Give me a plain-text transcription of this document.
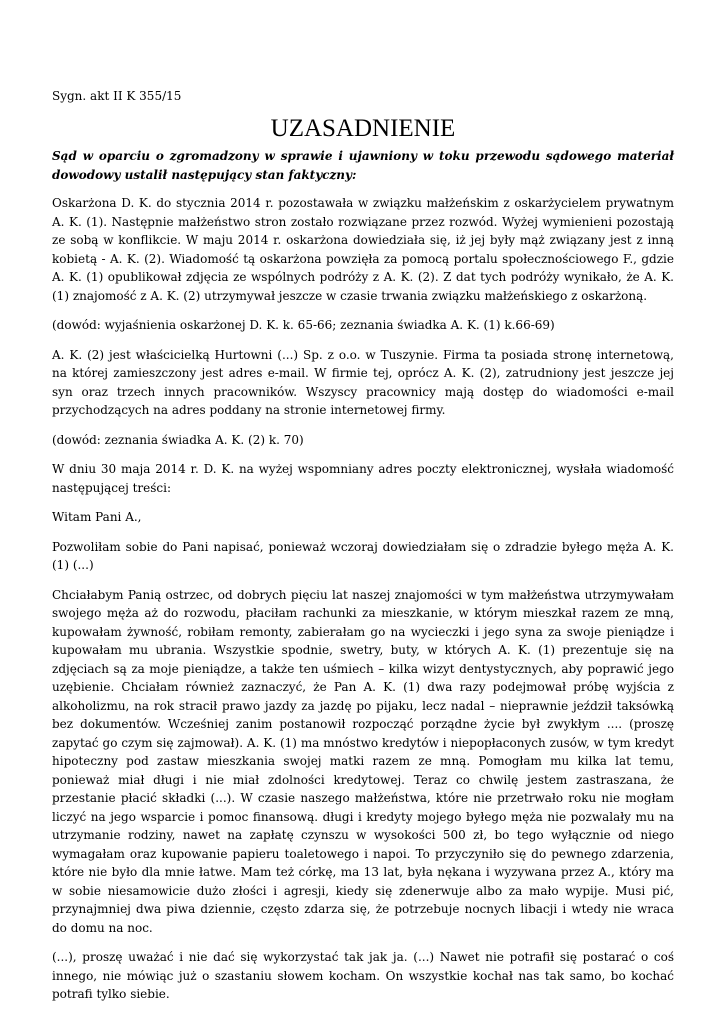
Sygn. akt II K 355/15
UZASADNIENIE
Sąd w oparciu o zgromadzony w sprawie i ujawniony w toku przewodu sądowego materiał dowodowy ustalił następujący stan faktyczny:
Oskarżona D. K. do stycznia 2014 r. pozostawała w związku małżeńskim z oskarżycielem prywatnym A. K. (1). Następnie małżeństwo stron zostało rozwiązane przez rozwód. Wyżej wymienieni pozostają ze sobą w konflikcie. W maju 2014 r. oskarżona dowiedziała się, iż jej były mąż związany jest z inną kobietą - A. K. (2). Wiadomość tą oskarżona powzięła za pomocą portalu społecznościowego F., gdzie A. K. (1) opublikował zdjęcia ze wspólnych podróży z A. K. (2). Z dat tych podróży wynikało, że A. K. (1) znajomość z A. K. (2) utrzymywał jeszcze w czasie trwania związku małżeńskiego z oskarżoną.
(dowód: wyjaśnienia oskarżonej D. K. k. 65-66; zeznania świadka A. K. (1) k.66-69)
A. K. (2) jest właścicielką Hurtowni (...) Sp. z o.o. w Tuszynie. Firma ta posiada stronę internetową, na której zamieszczony jest adres e-mail. W firmie tej, oprócz A. K. (2), zatrudniony jest jeszcze jej syn oraz trzech innych pracowników. Wszyscy pracownicy mają dostęp do wiadomości e-mail przychodzących na adres poddany na stronie internetowej firmy.
(dowód: zeznania świadka A. K. (2) k. 70)
W dniu 30 maja 2014 r. D. K. na wyżej wspomniany adres poczty elektronicznej, wysłała wiadomość następującej treści:
Witam Pani A.,
Pozwoliłam sobie do Pani napisać, ponieważ wczoraj dowiedziałam się o zdradzie byłego męża A. K. (1) (...)
Chciałabym Panią ostrzec, od dobrych pięciu lat naszej znajomości w tym małżeństwa utrzymywałam swojego męża aż do rozwodu, płaciłam rachunki za mieszkanie, w którym mieszkał razem ze mną, kupowałam żywność, robiłam remonty, zabierałam go na wycieczki i jego syna za swoje pieniądze i kupowałam mu ubrania. Wszystkie spodnie, swetry, buty, w których A. K. (1) prezentuje się na zdjęciach są za moje pieniądze, a także ten uśmiech – kilka wizyt dentystycznych, aby poprawić jego uzębienie. Chciałam również zaznaczyć, że Pan A. K. (1) dwa razy podejmował próbę wyjścia z alkoholizmu, na rok stracił prawo jazdy za jazdę po pijaku, lecz nadal – nieprawnie jeździł taksówką bez dokumentów. Wcześniej zanim postanowił rozpocząć porządne życie był zwykłym .... (proszę zapytać go czym się zajmował). A. K. (1) ma mnóstwo kredytów i niepopłaconych zusów, w tym kredyt hipoteczny pod zastaw mieszkania swojej matki razem ze mną. Pomogłam mu kilka lat temu, ponieważ miał długi i nie miał zdolności kredytowej. Teraz co chwilę jestem zastraszana, że przestanie płacić składki (...). W czasie naszego małżeństwa, które nie przetrwało roku nie mogłam liczyć na jego wsparcie i pomoc finansową. długi i kredyty mojego byłego męża nie pozwalały mu na utrzymanie rodziny, nawet na zapłatę czynszu w wysokości 500 zł, bo tego wyłącznie od niego wymagałam oraz kupowanie papieru toaletowego i napoi. To przyczyniło się do pewnego zdarzenia, które nie było dla mnie łatwe. Mam też córkę, ma 13 lat, była nękana i wyzywana przez A., który ma w sobie niesamowicie dużo złości i agresji, kiedy się zdenerwuje albo za mało wypije. Musi pić, przynajmniej dwa piwa dziennie, często zdarza się, że potrzebuje nocnych libacji i wtedy nie wraca do domu na noc.
(...), proszę uważać i nie dać się wykorzystać tak jak ja. (...) Nawet nie potrafił się postarać o coś innego, nie mówiąc już o szastaniu słowem kocham. On wszystkie kochał nas tak samo, bo kochać potrafi tylko siebie.
